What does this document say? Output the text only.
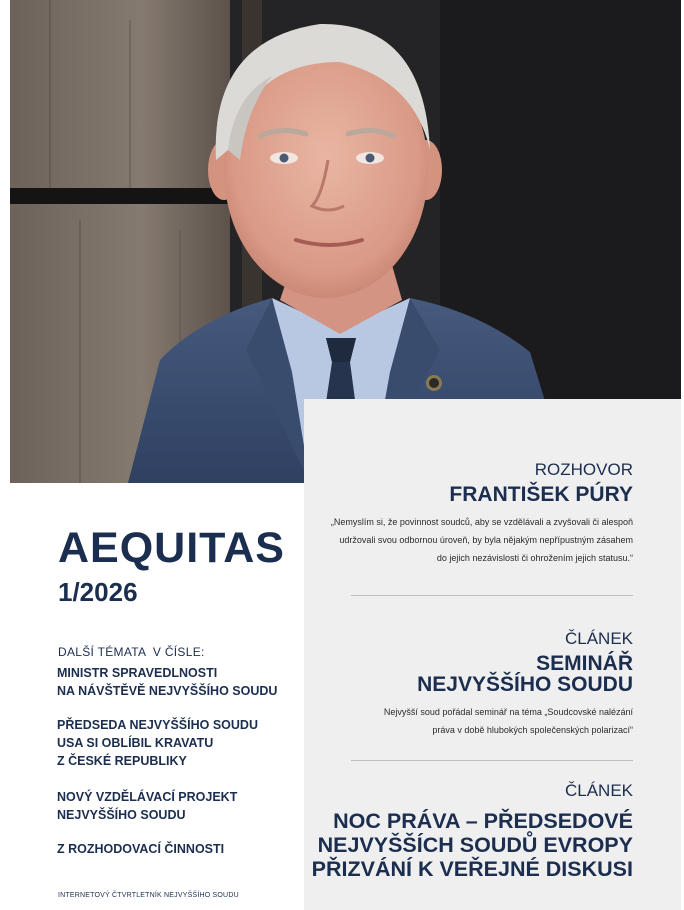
AEQUITAS
1/2026
DALŠÍ TÉMATA  V ČÍSLE:
MINISTR SPRAVEDLNOSTI
NA NÁVŠTĚVĚ NEJVYŠŠÍHO SOUDU
PŘEDSEDA NEJVYŠŠÍHO SOUDU
USA SI OBLÍBIL KRAVATU
Z ČESKÉ REPUBLIKY
NOVÝ VZDĚLÁVACÍ PROJEKT
NEJVYŠŠÍHO SOUDU
Z ROZHODOVACÍ ČINNOSTI
INTERNETOVÝ ČTVRTLETNÍK NEJVYŠŠÍHO SOUDU
ROZHOVOR
FRANTIŠEK PÚRY
„Nemyslím si, že povinnost soudců, aby se vzdělávali a zvyšovali či alespoň
udržovali svou odbornou úroveň, by byla nějakým nepřípustným zásahem
do jejich nezávislosti či ohrožením jejich statusu.“
ČLÁNEK
SEMINÁŘ
NEJVYŠŠÍHO SOUDU
Nejvyšší soud pořádal seminář na téma „Soudcovské nalézání
práva v době hlubokých společenských polarizací“
ČLÁNEK
NOC PRÁVA – PŘEDSEDOVÉ
NEJVYŠŠÍCH SOUDŮ EVROPY
PŘIZVÁNÍ K VEŘEJNÉ DISKUSI
